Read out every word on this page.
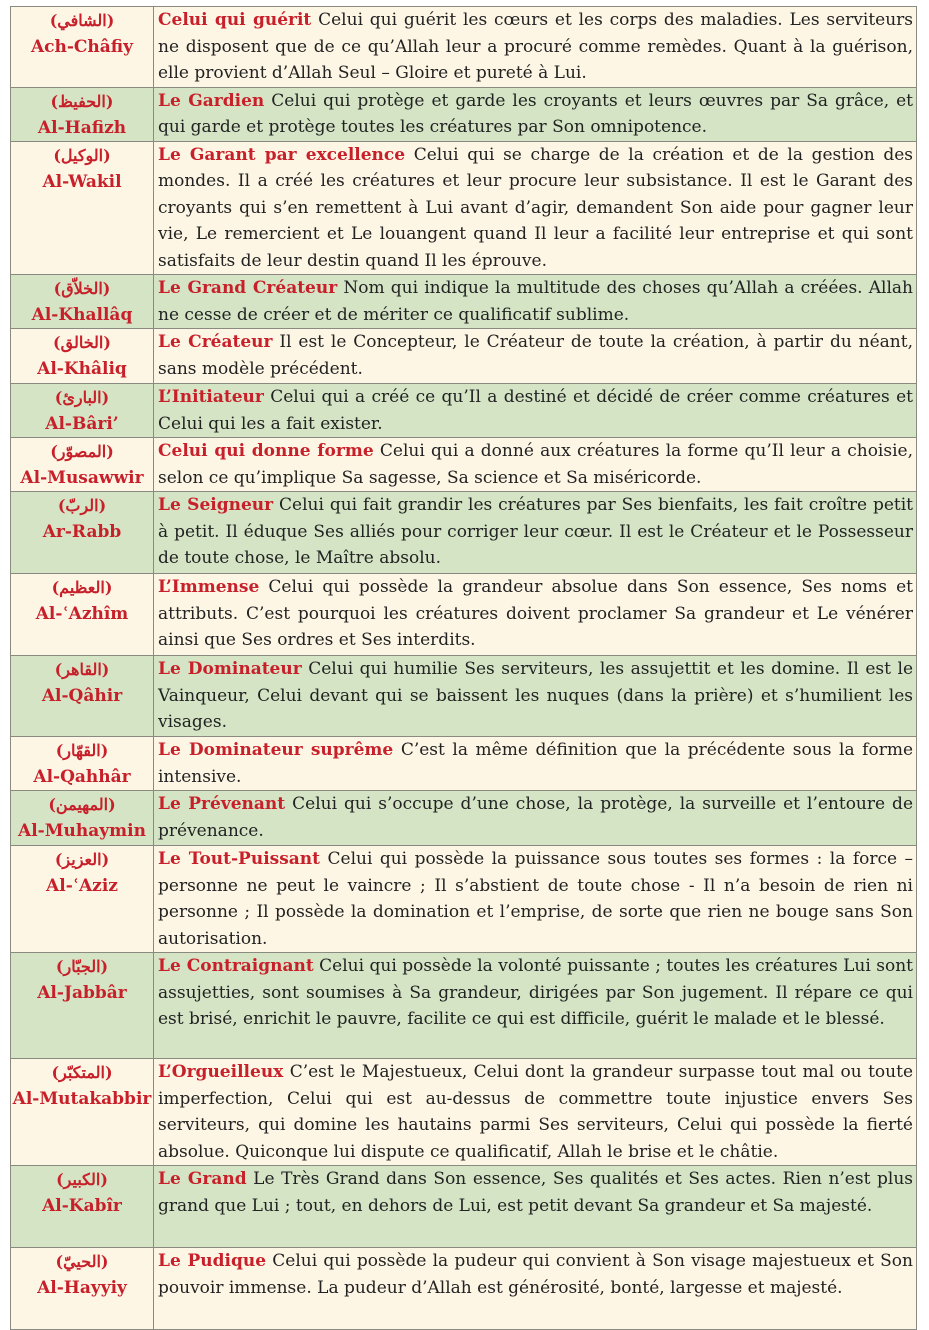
(الشافي)
Ach-Châfiy	Celui qui guérit Celui qui guérit les cœurs et les corps des maladies. Les serviteurs ne disposent que de ce qu’Allah leur a procuré comme remèdes. Quant à la guérison, elle provient d’Allah Seul – Gloire et pureté à Lui.

(الحفيظ)
Al-Hafizh	Le Gardien Celui qui protège et garde les croyants et leurs œuvres par Sa grâce, et qui garde et protège toutes les créatures par Son omnipotence.

(الوكيل)
Al-Wakil	Le Garant par excellence Celui qui se charge de la création et de la gestion des mondes. Il a créé les créatures et leur procure leur subsistance. Il est le Garant des croyants qui s’en remettent à Lui avant d’agir, demandent Son aide pour gagner leur vie, Le remercient et Le louangent quand Il leur a facilité leur entreprise et qui sont satisfaits de leur destin quand Il les éprouve.

(الخلاّق)
Al-Khallâq	Le Grand Créateur Nom qui indique la multitude des choses qu’Allah a créées. Allah ne cesse de créer et de mériter ce qualificatif sublime.

(الخالق)
Al-Khâliq	Le Créateur Il est le Concepteur, le Créateur de toute la création, à partir du néant, sans modèle précédent.

(البارئ)
Al-Bâri’	L’Initiateur Celui qui a créé ce qu’Il a destiné et décidé de créer comme créatures et Celui qui les a fait exister.

(المصوّر)
Al-Musawwir	Celui qui donne forme Celui qui a donné aux créatures la forme qu’Il leur a choisie, selon ce qu’implique Sa sagesse, Sa science et Sa miséricorde.

(الربّ)
Ar-Rabb	Le Seigneur Celui qui fait grandir les créatures par Ses bienfaits, les fait croître petit à petit. Il éduque Ses alliés pour corriger leur cœur. Il est le Créateur et le Possesseur de toute chose, le Maître absolu.

(العظيم)
Al-ʿAzhîm	L’Immense Celui qui possède la grandeur absolue dans Son essence, Ses noms et attributs. C’est pourquoi les créatures doivent proclamer Sa grandeur et Le vénérer ainsi que Ses ordres et Ses interdits.

(القاهر)
Al-Qâhir	Le Dominateur Celui qui humilie Ses serviteurs, les assujettit et les domine. Il est le Vainqueur, Celui devant qui se baissent les nuques (dans la prière) et s’humilient les visages.

(القهّار)
Al-Qahhâr	Le Dominateur suprême C’est la même définition que la précédente sous la forme intensive.

(المهيمن)
Al-Muhaymin	Le Prévenant Celui qui s’occupe d’une chose, la protège, la surveille et l’entoure de prévenance.

(العزيز)
Al-ʿAziz	Le Tout-Puissant Celui qui possède la puissance sous toutes ses formes : la force – personne ne peut le vaincre ; Il s’abstient de toute chose - Il n’a besoin de rien ni personne ; Il possède la domination et l’emprise, de sorte que rien ne bouge sans Son autorisation.

(الجبّار)
Al-Jabbâr	Le Contraignant Celui qui possède la volonté puissante ; toutes les créatures Lui sont assujetties, sont soumises à Sa grandeur, dirigées par Son jugement. Il répare ce qui est brisé, enrichit le pauvre, facilite ce qui est difficile, guérit le malade et le blessé.

(المتكبّر)
Al-Mutakabbir	L’Orgueilleux C’est le Majestueux, Celui dont la grandeur surpasse tout mal ou toute imperfection, Celui qui est au-dessus de commettre toute injustice envers Ses serviteurs, qui domine les hautains parmi Ses serviteurs, Celui qui possède la fierté absolue. Quiconque lui dispute ce qualificatif, Allah le brise et le châtie.

(الكبير)
Al-Kabîr	Le Grand Le Très Grand dans Son essence, Ses qualités et Ses actes. Rien n’est plus grand que Lui ; tout, en dehors de Lui, est petit devant Sa grandeur et Sa majesté.

(الحييّ)
Al-Hayyiy	Le Pudique Celui qui possède la pudeur qui convient à Son visage majestueux et Son pouvoir immense. La pudeur d’Allah est générosité, bonté, largesse et majesté.
